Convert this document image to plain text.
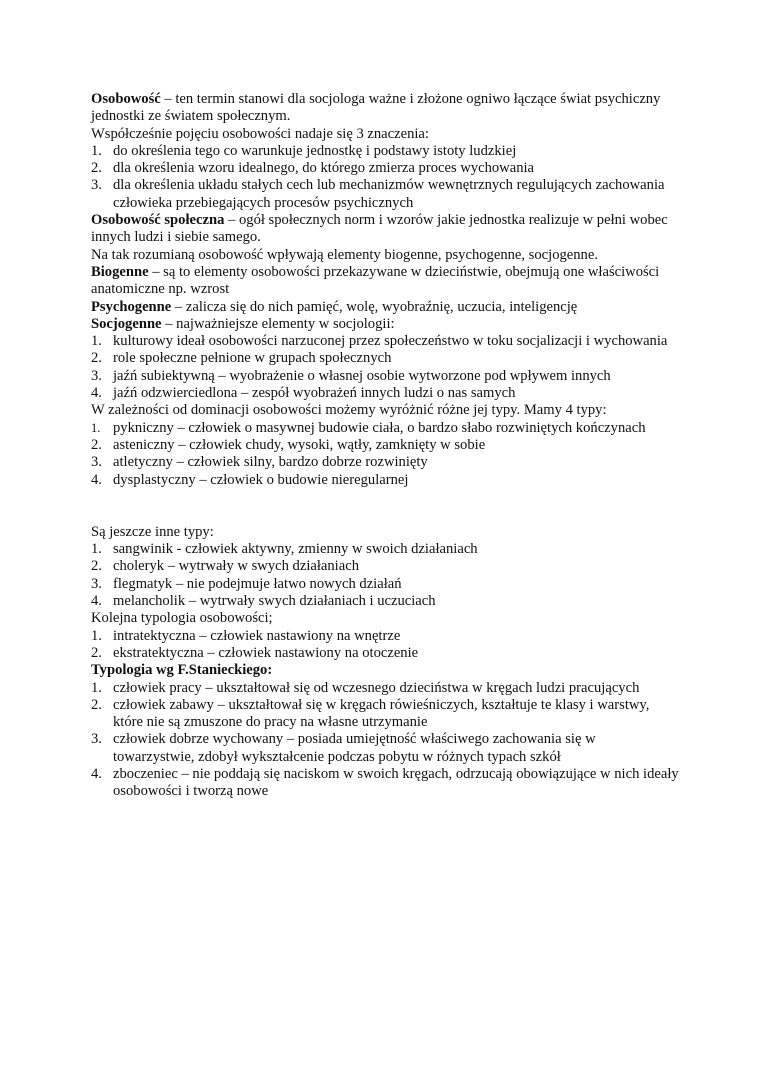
Osobowość – ten termin stanowi dla socjologa ważne i złożone ogniwo łączące świat psychiczny jednostki ze światem społecznym.

Współcześnie pojęciu osobowości nadaje się 3 znaczenia:

1. do określenia tego co warunkuje jednostkę i podstawy istoty ludzkiej
2. dla określenia wzoru idealnego, do którego zmierza proces wychowania
3. dla określenia układu stałych cech lub mechanizmów wewnętrznych regulujących zachowania człowieka przebiegających procesów psychicznych

Osobowość społeczna – ogół społecznych norm i wzorów jakie jednostka realizuje w pełni wobec innych ludzi i siebie samego.

Na tak rozumianą osobowość wpływają elementy biogenne, psychogenne, socjogenne.

Biogenne – są to elementy osobowości przekazywane w dzieciństwie, obejmują one właściwości anatomiczne np. wzrost

Psychogenne – zalicza się do nich pamięć, wolę, wyobraźnię, uczucia, inteligencję

Socjogenne – najważniejsze elementy w socjologii:

1. kulturowy ideał osobowości narzuconej przez społeczeństwo w toku socjalizacji i wychowania
2. role społeczne pełnione w grupach społecznych
3. jaźń subiektywną – wyobrażenie o własnej osobie wytworzone pod wpływem innych
4. jaźń odzwierciedlona – zespół wyobrażeń innych ludzi o nas samych

W zależności od dominacji osobowości możemy wyróżnić różne jej typy. Mamy 4 typy:

1. pykniczny – człowiek o masywnej budowie ciała, o bardzo słabo rozwiniętych kończynach
2. asteniczny – człowiek chudy, wysoki, wątły, zamknięty w sobie
3. atletyczny – człowiek silny, bardzo dobrze rozwinięty
4. dysplastyczny – człowiek o budowie nieregularnej

Są jeszcze inne typy:

1. sangwinik - człowiek aktywny, zmienny w swoich działaniach
2. choleryk – wytrwały w swych działaniach
3. flegmatyk – nie podejmuje łatwo nowych działań
4. melancholik – wytrwały swych działaniach i uczuciach

Kolejna typologia osobowości;

1. intratektyczna – człowiek nastawiony na wnętrze
2. ekstratektyczna – człowiek nastawiony na otoczenie

Typologia wg F.Stanieckiego:

1. człowiek pracy – ukształtował się od wczesnego dzieciństwa w kręgach ludzi pracujących
2. człowiek zabawy – ukształtował się w kręgach rówieśniczych, kształtuje te klasy i warstwy, które nie są zmuszone do pracy na własne utrzymanie
3. człowiek dobrze wychowany – posiada umiejętność właściwego zachowania się w towarzystwie, zdobył wykształcenie podczas pobytu w różnych typach szkół
4. zboczeniec – nie poddają się naciskom w swoich kręgach, odrzucają obowiązujące w nich ideały osobowości i tworzą nowe
